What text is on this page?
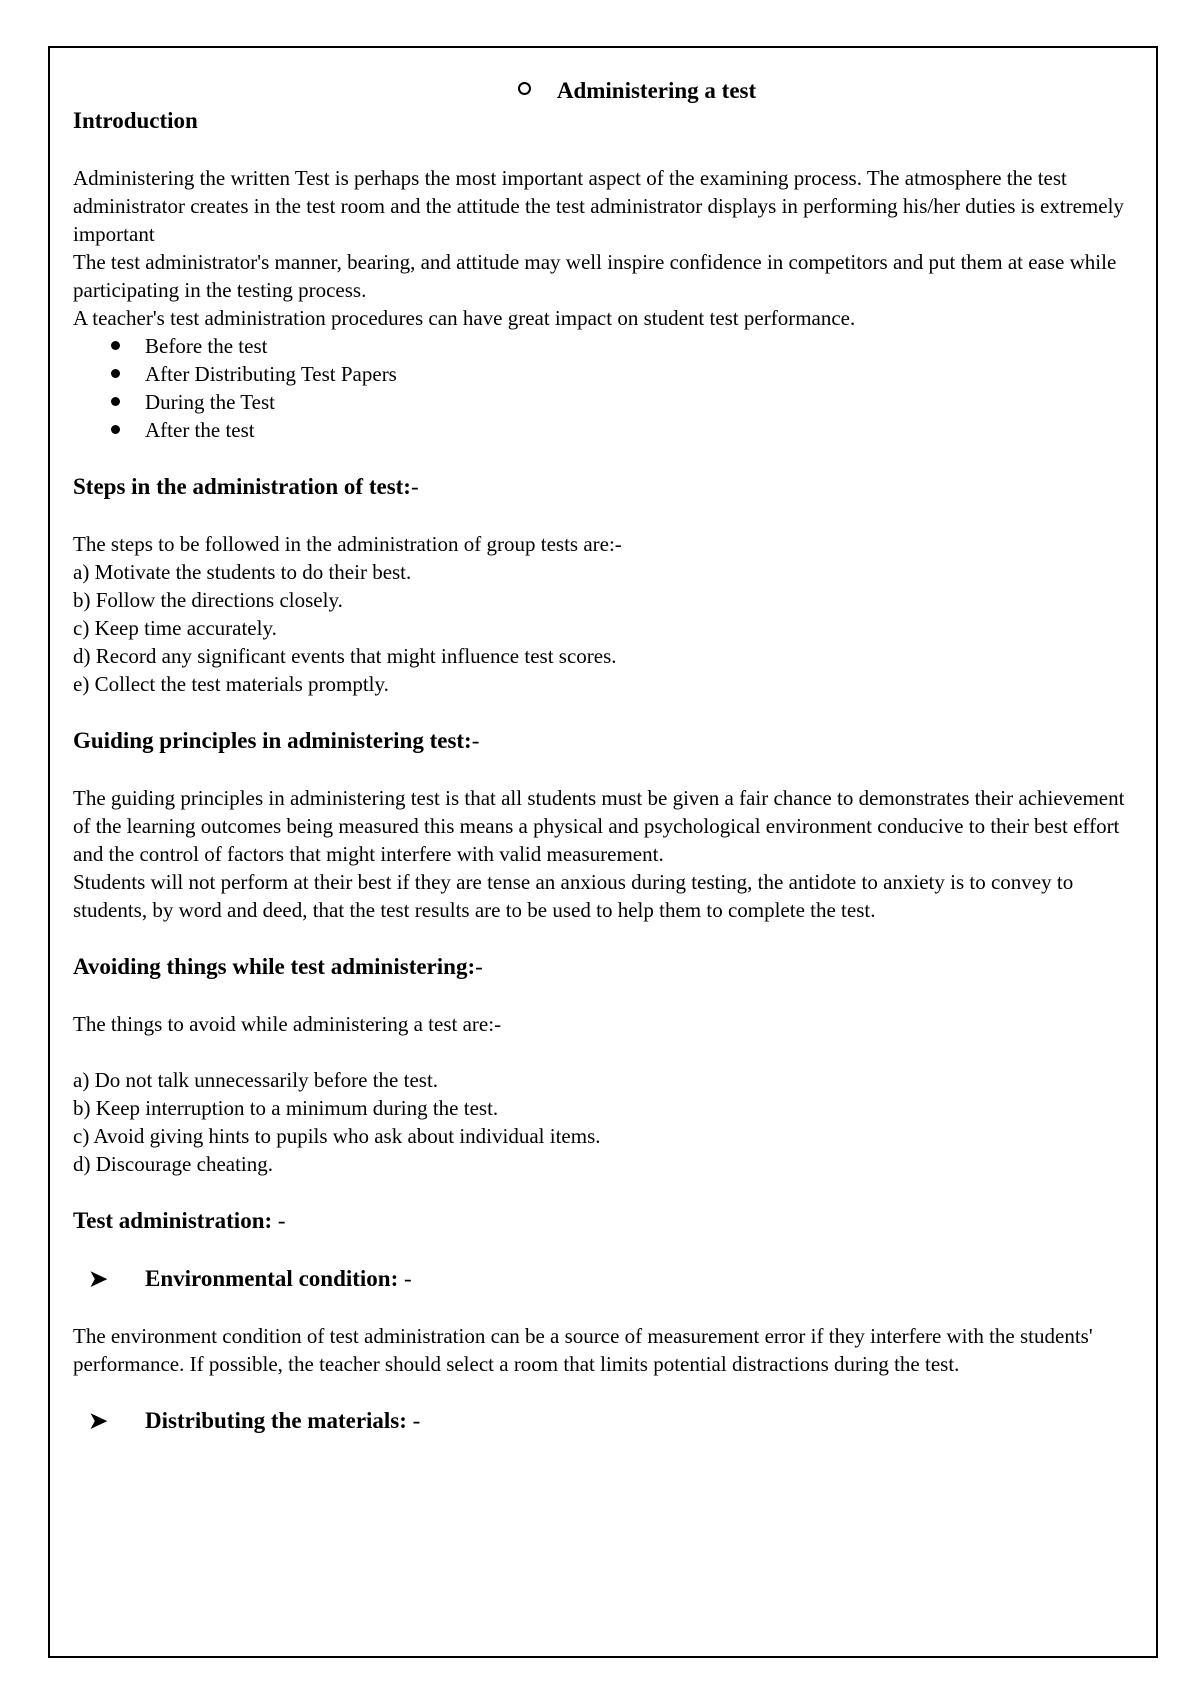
Administering a test
Introduction

Administering the written Test is perhaps the most important aspect of the examining process. The atmosphere the test administrator creates in the test room and the attitude the test administrator displays in performing his/her duties is extremely important

The test administrator's manner, bearing, and attitude may well inspire confidence in competitors and put them at ease while participating in the testing process.

A teacher's test administration procedures can have great impact on student test performance.

Before the test
After Distributing Test Papers
During the Test
After the test
Steps in the administration of test:-

The steps to be followed in the administration of group tests are:-

a) Motivate the students to do their best.

b) Follow the directions closely.

c) Keep time accurately.

d) Record any significant events that might influence test scores.

e) Collect the test materials promptly.

Guiding principles in administering test:-

The guiding principles in administering test is that all students must be given a fair chance to demonstrates their achievement of the learning outcomes being measured this means a physical and psychological environment conducive to their best effort and the control of factors that might interfere with valid measurement.

Students will not perform at their best if they are tense an anxious during testing, the antidote to anxiety is to convey to students, by word and deed, that the test results are to be used to help them to complete the test.

Avoiding things while test administering:-

The things to avoid while administering a test are:-

a) Do not talk unnecessarily before the test.

b) Keep interruption to a minimum during the test.

c) Avoid giving hints to pupils who ask about individual items.

d) Discourage cheating.

Test administration: -
➤ Environmental condition: -

The environment condition of test administration can be a source of measurement error if they interfere with the students' performance. If possible, the teacher should select a room that limits potential distractions during the test.

➤ Distributing the materials: -
